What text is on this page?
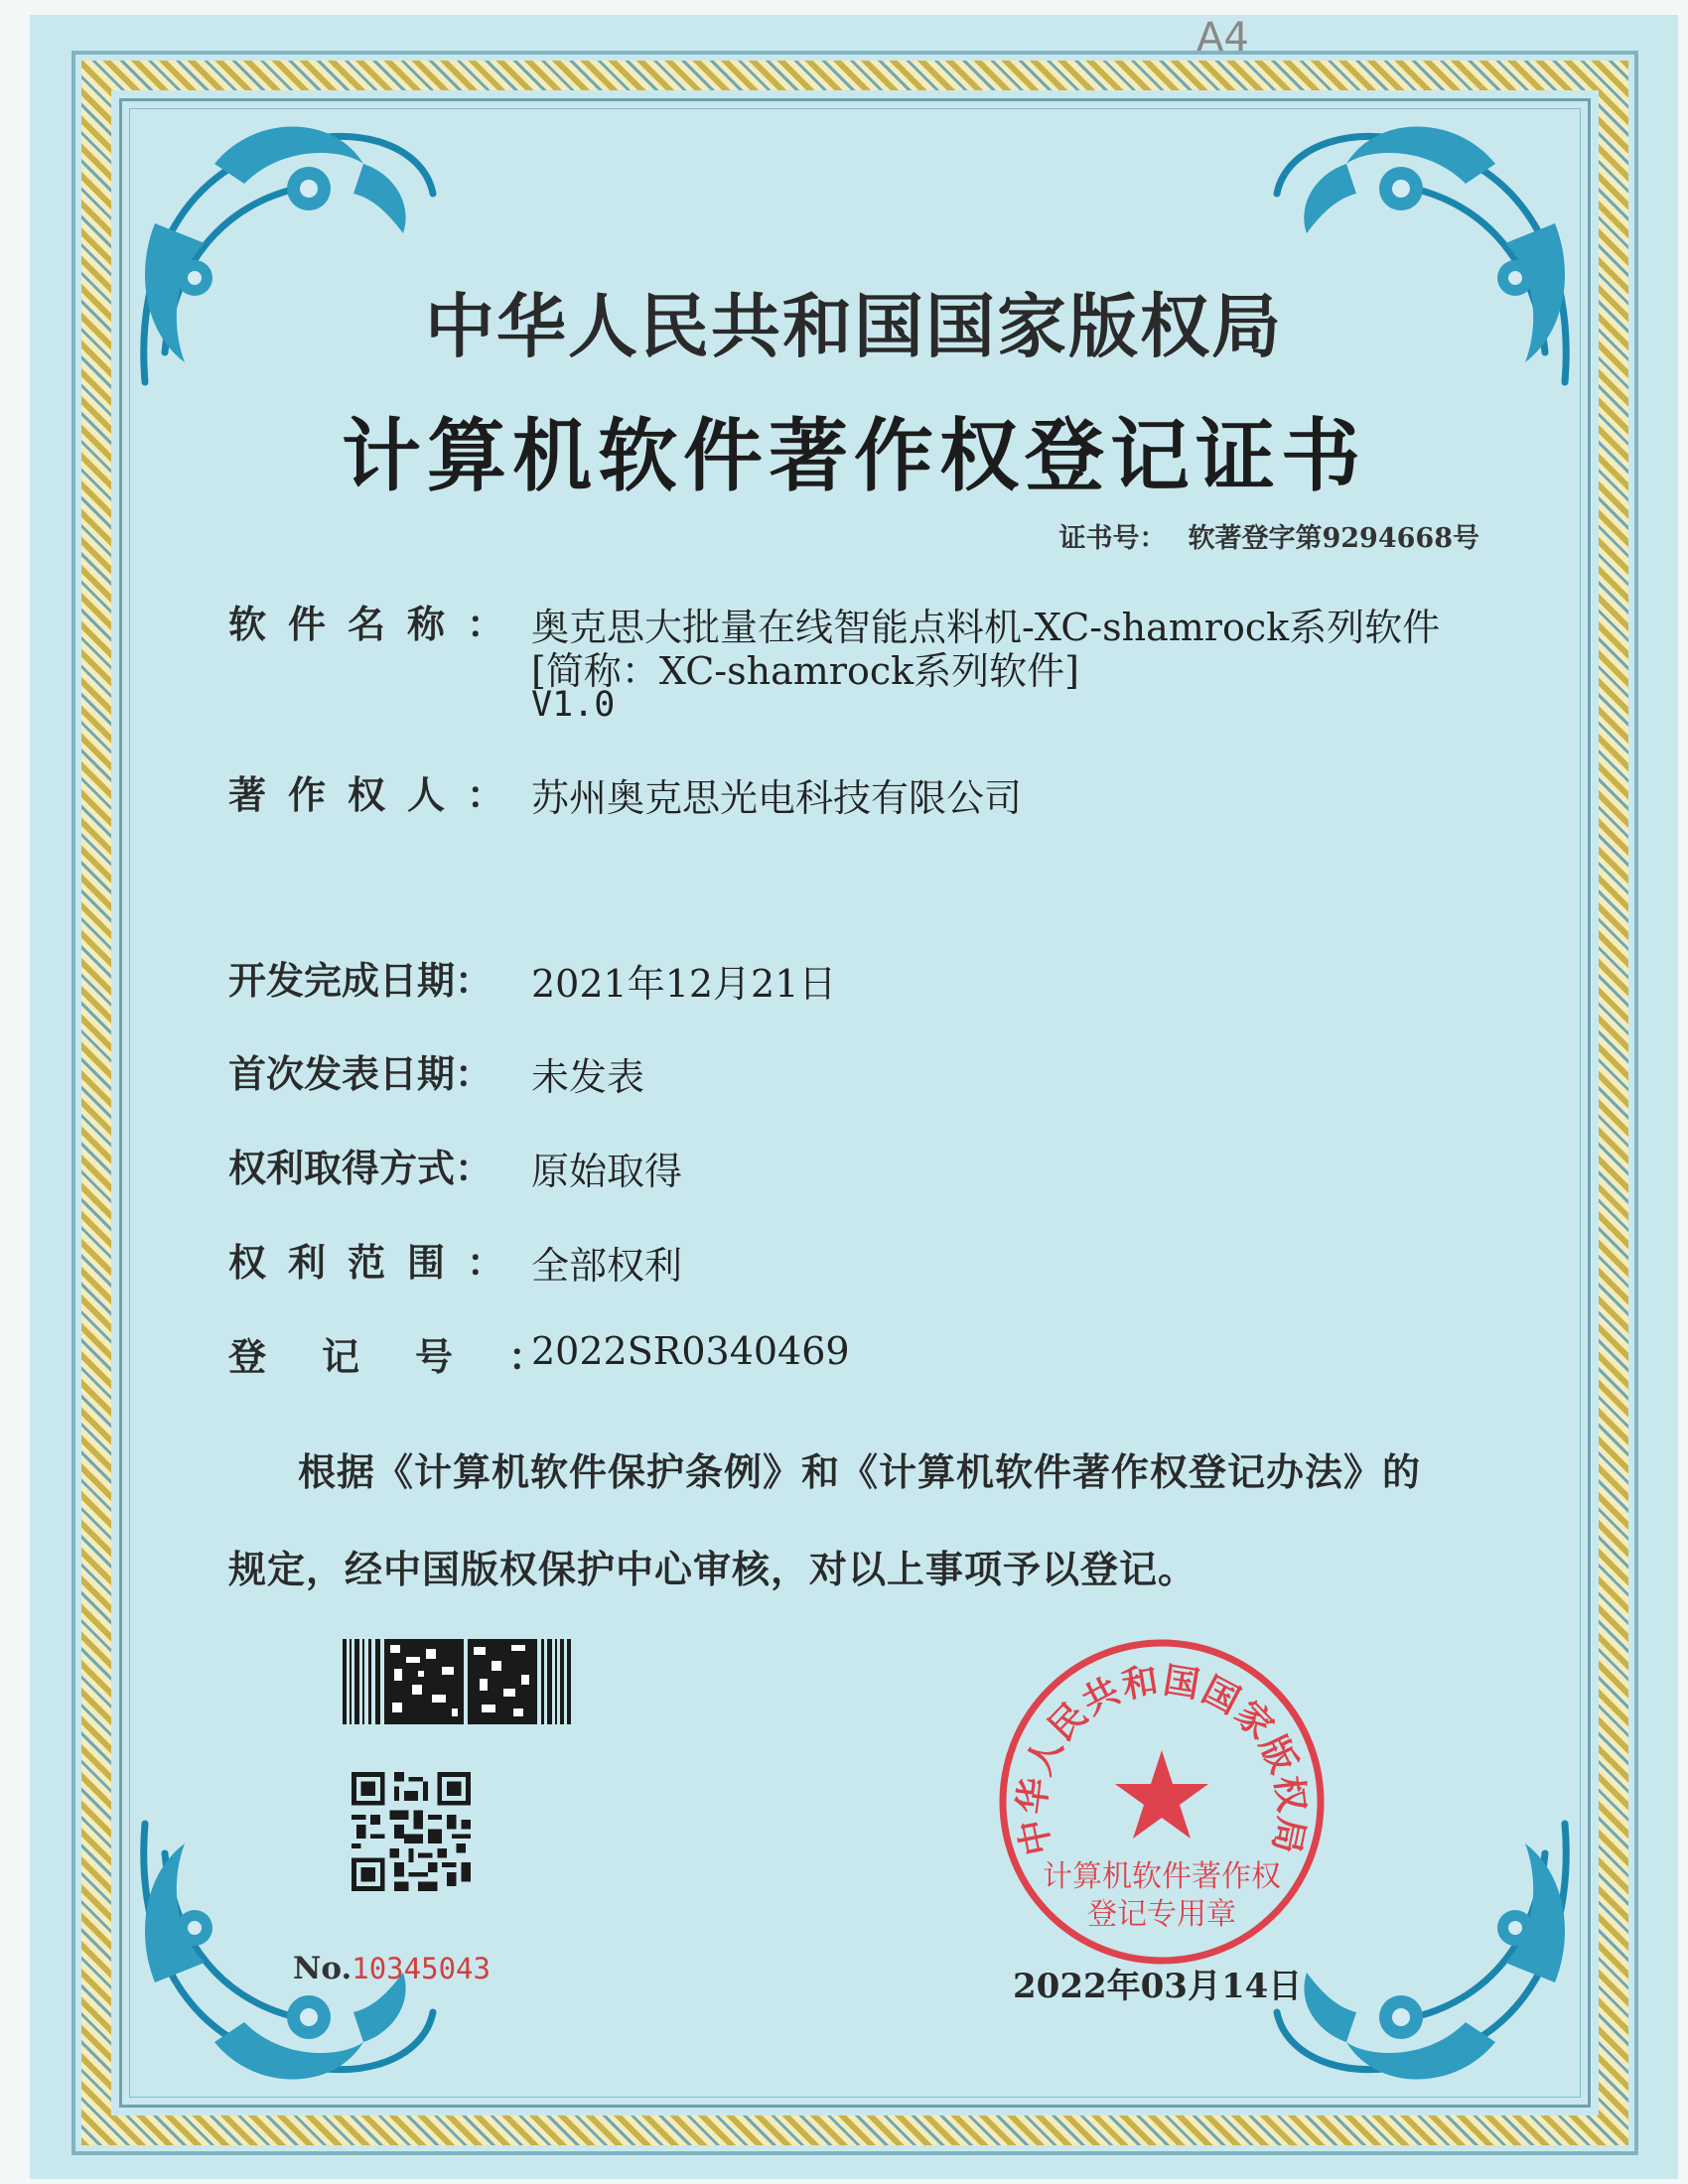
A4
中华人民共和国国家版权局
计算机软件著作权登记证书
证书号： 软著登字第9294668号
软件名称： 奥克思大批量在线智能点料机-XC-shamrock系列软件
[简称：XC-shamrock系列软件]
V1.0
著作权人： 苏州奥克思光电科技有限公司
开发完成日期： 2021年12月21日
首次发表日期： 未发表
权利取得方式： 原始取得
权利范围： 全部权利
登记号：
2022SR0340469
根据《计算机软件保护条例》和《计算机软件著作权登记办法》的
规定，经中国版权保护中心审核，对以上事项予以登记。
No.10345043
中华人民共和国国家版权局
计算机软件著作权
登记专用章
2022年03月14日
